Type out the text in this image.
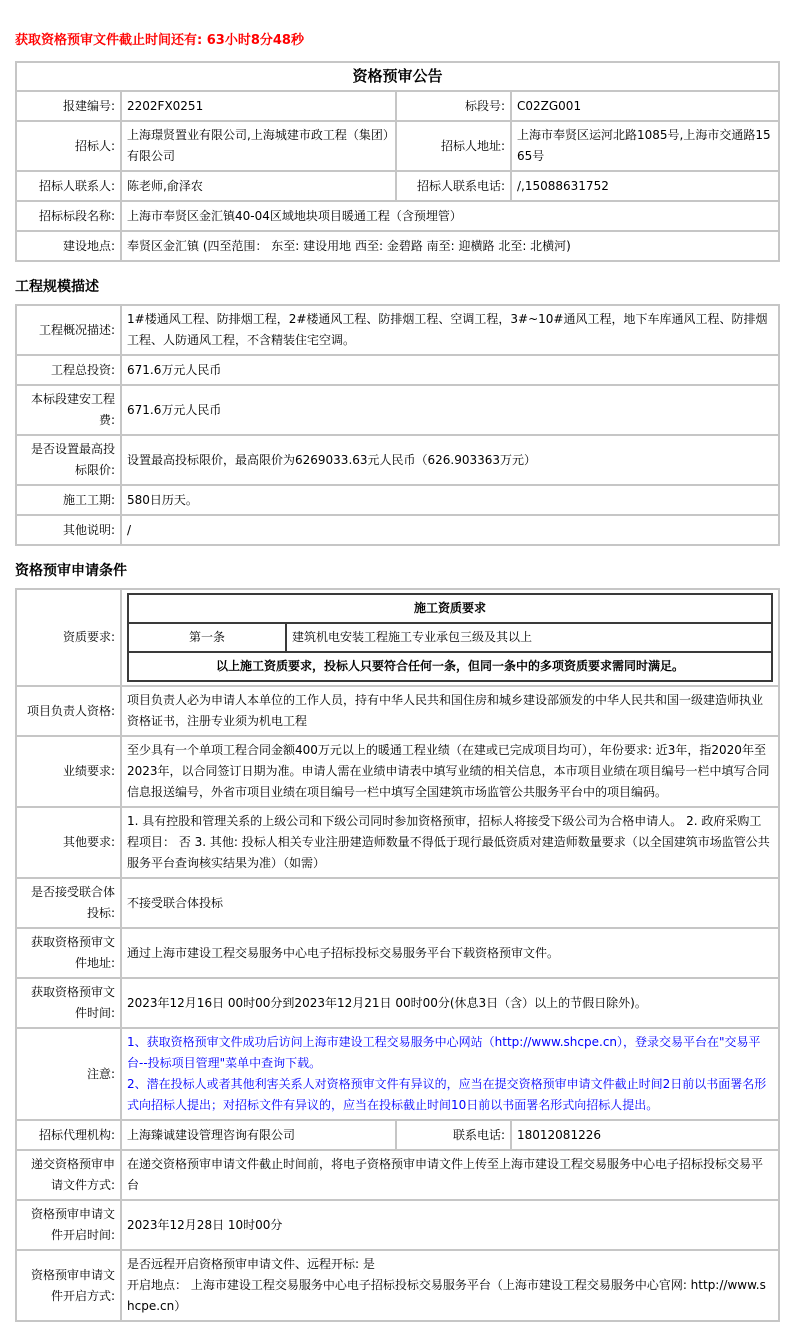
获取资格预审文件截止时间还有: 63小时8分48秒
资格预审公告			
报建编号:	2202FX0251	标段号:	C02ZG001
招标人:	上海璟贤置业有限公司,上海城建市政工程（集团）有限公司	招标人地址:	上海市奉贤区运河北路1085号,上海市交通路1565号
招标人联系人:	陈老师,俞泽农	招标人联系电话:	/,15088631752
招标标段名称:	上海市奉贤区金汇镇40-04区域地块项目暖通工程（含预埋管）		
建设地点:	奉贤区金汇镇 (四至范围： 东至: 建设用地 西至: 金碧路 南至: 迎横路 北至: 北横河)		
工程规模描述
工程概况描述:	1#楼通风工程、防排烟工程，2#楼通风工程、防排烟工程、空调工程，3#~10#通风工程，地下车库通风工程、防排烟工程、人防通风工程，不含精装住宅空调。
工程总投资:	671.6万元人民币
本标段建安工程费:	671.6万元人民币
是否设置最高投标限价:	设置最高投标限价，最高限价为6269033.63元人民币（626.903363万元）
施工工期:	580日历天。
其他说明:	/
资格预审申请条件
资质要求:	
施工资质要求
第一条	建筑机电安装工程施工专业承包三级及其以上
以上施工资质要求，投标人只要符合任何一条，但同一条中的多项资质要求需同时满足。

项目负责人资格:	项目负责人必为申请人本单位的工作人员，持有中华人民共和国住房和城乡建设部颁发的中华人民共和国一级建造师执业资格证书，注册专业须为机电工程
业绩要求:	至少具有一个单项工程合同金额400万元以上的暖通工程业绩（在建或已完成项目均可），年份要求: 近3年，指2020年至2023年，以合同签订日期为准。申请人需在业绩申请表中填写业绩的相关信息，本市项目业绩在项目编号一栏中填写合同信息报送编号，外省市项目业绩在项目编号一栏中填写全国建筑市场监管公共服务平台中的项目编码。
其他要求:	1. 具有控股和管理关系的上级公司和下级公司同时参加资格预审，招标人将接受下级公司为合格申请人。 2. 政府采购工程项目： 否 3. 其他: 投标人相关专业注册建造师数量不得低于现行最低资质对建造师数量要求（以全国建筑市场监管公共服务平台查询核实结果为准）（如需）
是否接受联合体投标:	不接受联合体投标
获取资格预审文件地址:	通过上海市建设工程交易服务中心电子招标投标交易服务平台下载资格预审文件。
获取资格预审文件时间:	2023年12月16日 00时00分到2023年12月21日 00时00分(休息3日（含）以上的节假日除外)。
注意:	
1、获取资格预审文件成功后访问上海市建设工程交易服务中心网站（http://www.shcpe.cn），登录交易平台在"交易平台--投标项目管理"菜单中查询下载。
2、潜在投标人或者其他利害关系人对资格预审文件有异议的，应当在提交资格预审申请文件截止时间2日前以书面署名形式向招标人提出；对招标文件有异议的，应当在投标截止时间10日前以书面署名形式向招标人提出。

招标代理机构:	上海臻诚建设管理咨询有限公司	联系电话:	18012081226
递交资格预审申请文件方式:	在递交资格预审申请文件截止时间前，将电子资格预审申请文件上传至上海市建设工程交易服务中心电子招标投标交易平台
资格预审申请文件开启时间:	2023年12月28日 10时00分
资格预审申请文件开启方式:	
是否远程开启资格预审申请文件、远程开标: 是
开启地点： 上海市建设工程交易服务中心电子招标投标交易服务平台（上海市建设工程交易服务中心官网: http://www.shcpe.cn）
